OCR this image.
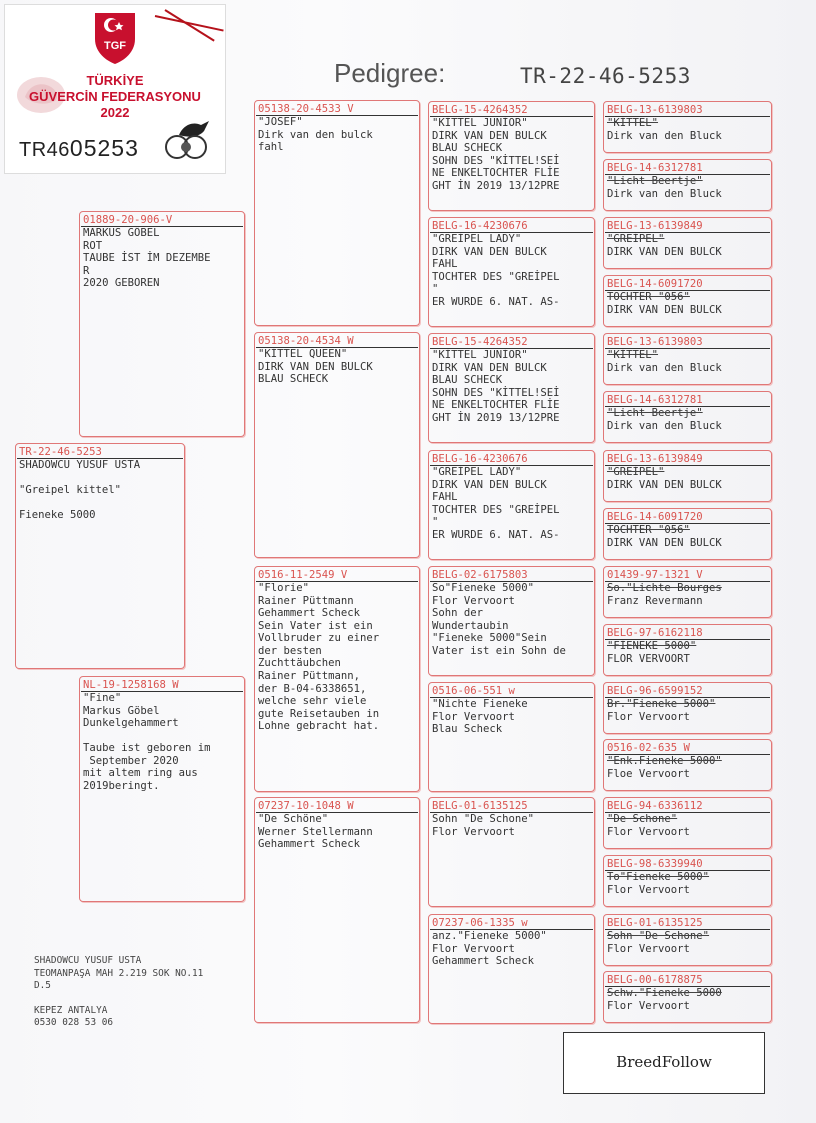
TGF
TÜRKİYE
GÜVERCİN FEDERASYONU
2022
TR4605253
Pedigree:	TR-22-46-5253
TR-22-46-5253
SHADOWCU YUSUF USTA

"Greipel kittel"

Fieneke 5000
01889-20-906-V
MARKUS GÖBEL
ROT
TAUBE İST İM DEZEMBE
R
2020 GEBOREN
NL-19-1258168 W
"Fine"
Markus Göbel
Dunkelgehammert

Taube ist geboren im
September 2020
mit altem ring aus
2019beringt.
05138-20-4533 V
"JOSEF"
Dirk van den bulck
fahl
05138-20-4534 W
"KİTTEL QUEEN"
DİRK VAN DEN BULCK
BLAU SCHECK
0516-11-2549 V
"Florie"
Rainer Püttmann
Gehammert Scheck
Sein Vater ist ein
Vollbruder zu einer
der besten
Zuchttäubchen
Rainer Püttmann,
der B-04-6338651,
welche sehr viele
gute Reisetauben in
Lohne gebracht hat.
07237-10-1048 W
"De Schöne"
Werner Stellermann
Gehammert Scheck
BELG-15-4264352
"KİTTEL JUNİOR"
DİRK VAN DEN BULCK
BLAU SCHECK
SOHN DES "KİTTEL!SEİ
NE ENKELTOCHTER FLİE
GHT İN 2019 13/12PRE
BELG-16-4230676
"GREİPEL LADY"
DİRK VAN DEN BULCK
FAHL
TOCHTER DES "GREİPEL
"
ER WURDE 6. NAT. AS-
BELG-15-4264352
"KİTTEL JUNİOR"
DİRK VAN DEN BULCK
BLAU SCHECK
SOHN DES "KİTTEL!SEİ
NE ENKELTOCHTER FLİE
GHT İN 2019 13/12PRE
BELG-16-4230676
"GREİPEL LADY"
DİRK VAN DEN BULCK
FAHL
TOCHTER DES "GREİPEL
"
ER WURDE 6. NAT. AS-
BELG-02-6175803
So"Fieneke 5000"
Flor Vervoort
Sohn der
Wundertaubin
"Fieneke 5000"Sein
Vater ist ein Sohn de
0516-06-551 w
"Nichte Fieneke
Flor Vervoort
Blau Scheck
BELG-01-6135125
Sohn "De Schone"
Flor Vervoort
07237-06-1335 w
anz."Fieneke 5000"
Flor Vervoort
Gehammert Scheck
BELG-13-6139803
"KİTTEL"
Dirk van den Bluck
BELG-14-6312781
"Licht Beertje"
Dirk van den Bluck
BELG-13-6139849
"GREİPEL"
DİRK VAN DEN BULCK
BELG-14-6091720
TOCHTER "056"
DİRK VAN DEN BULCK
BELG-13-6139803
"KİTTEL"
Dirk van den Bluck
BELG-14-6312781
"Licht Beertje"
Dirk van den Bluck
BELG-13-6139849
"GREİPEL"
DİRK VAN DEN BULCK
BELG-14-6091720
TOCHTER "056"
DİRK VAN DEN BULCK
01439-97-1321 V
So."Lichte Bourges
Franz Revermann
BELG-97-6162118
"FİENEKE 5000"
FLOR VERVOORT
BELG-96-6599152
Br."Fieneke 5000"
Flor Vervoort
0516-02-635 W
"Enk.Fieneke 5000"
Floe Vervoort
BELG-94-6336112
"De Schone"
Flor Vervoort
BELG-98-6339940
To"Fieneke 5000"
Flor Vervoort
BELG-01-6135125
Sohn "De Schone"
Flor Vervoort
BELG-00-6178875
Schw."Fieneke 5000
Flor Vervoort
SHADOWCU YUSUF USTA
TEOMANPAŞA MAH 2.219 SOK NO.11
D.5
KEPEZ ANTALYA
0530 028 53 06
BreedFollow
